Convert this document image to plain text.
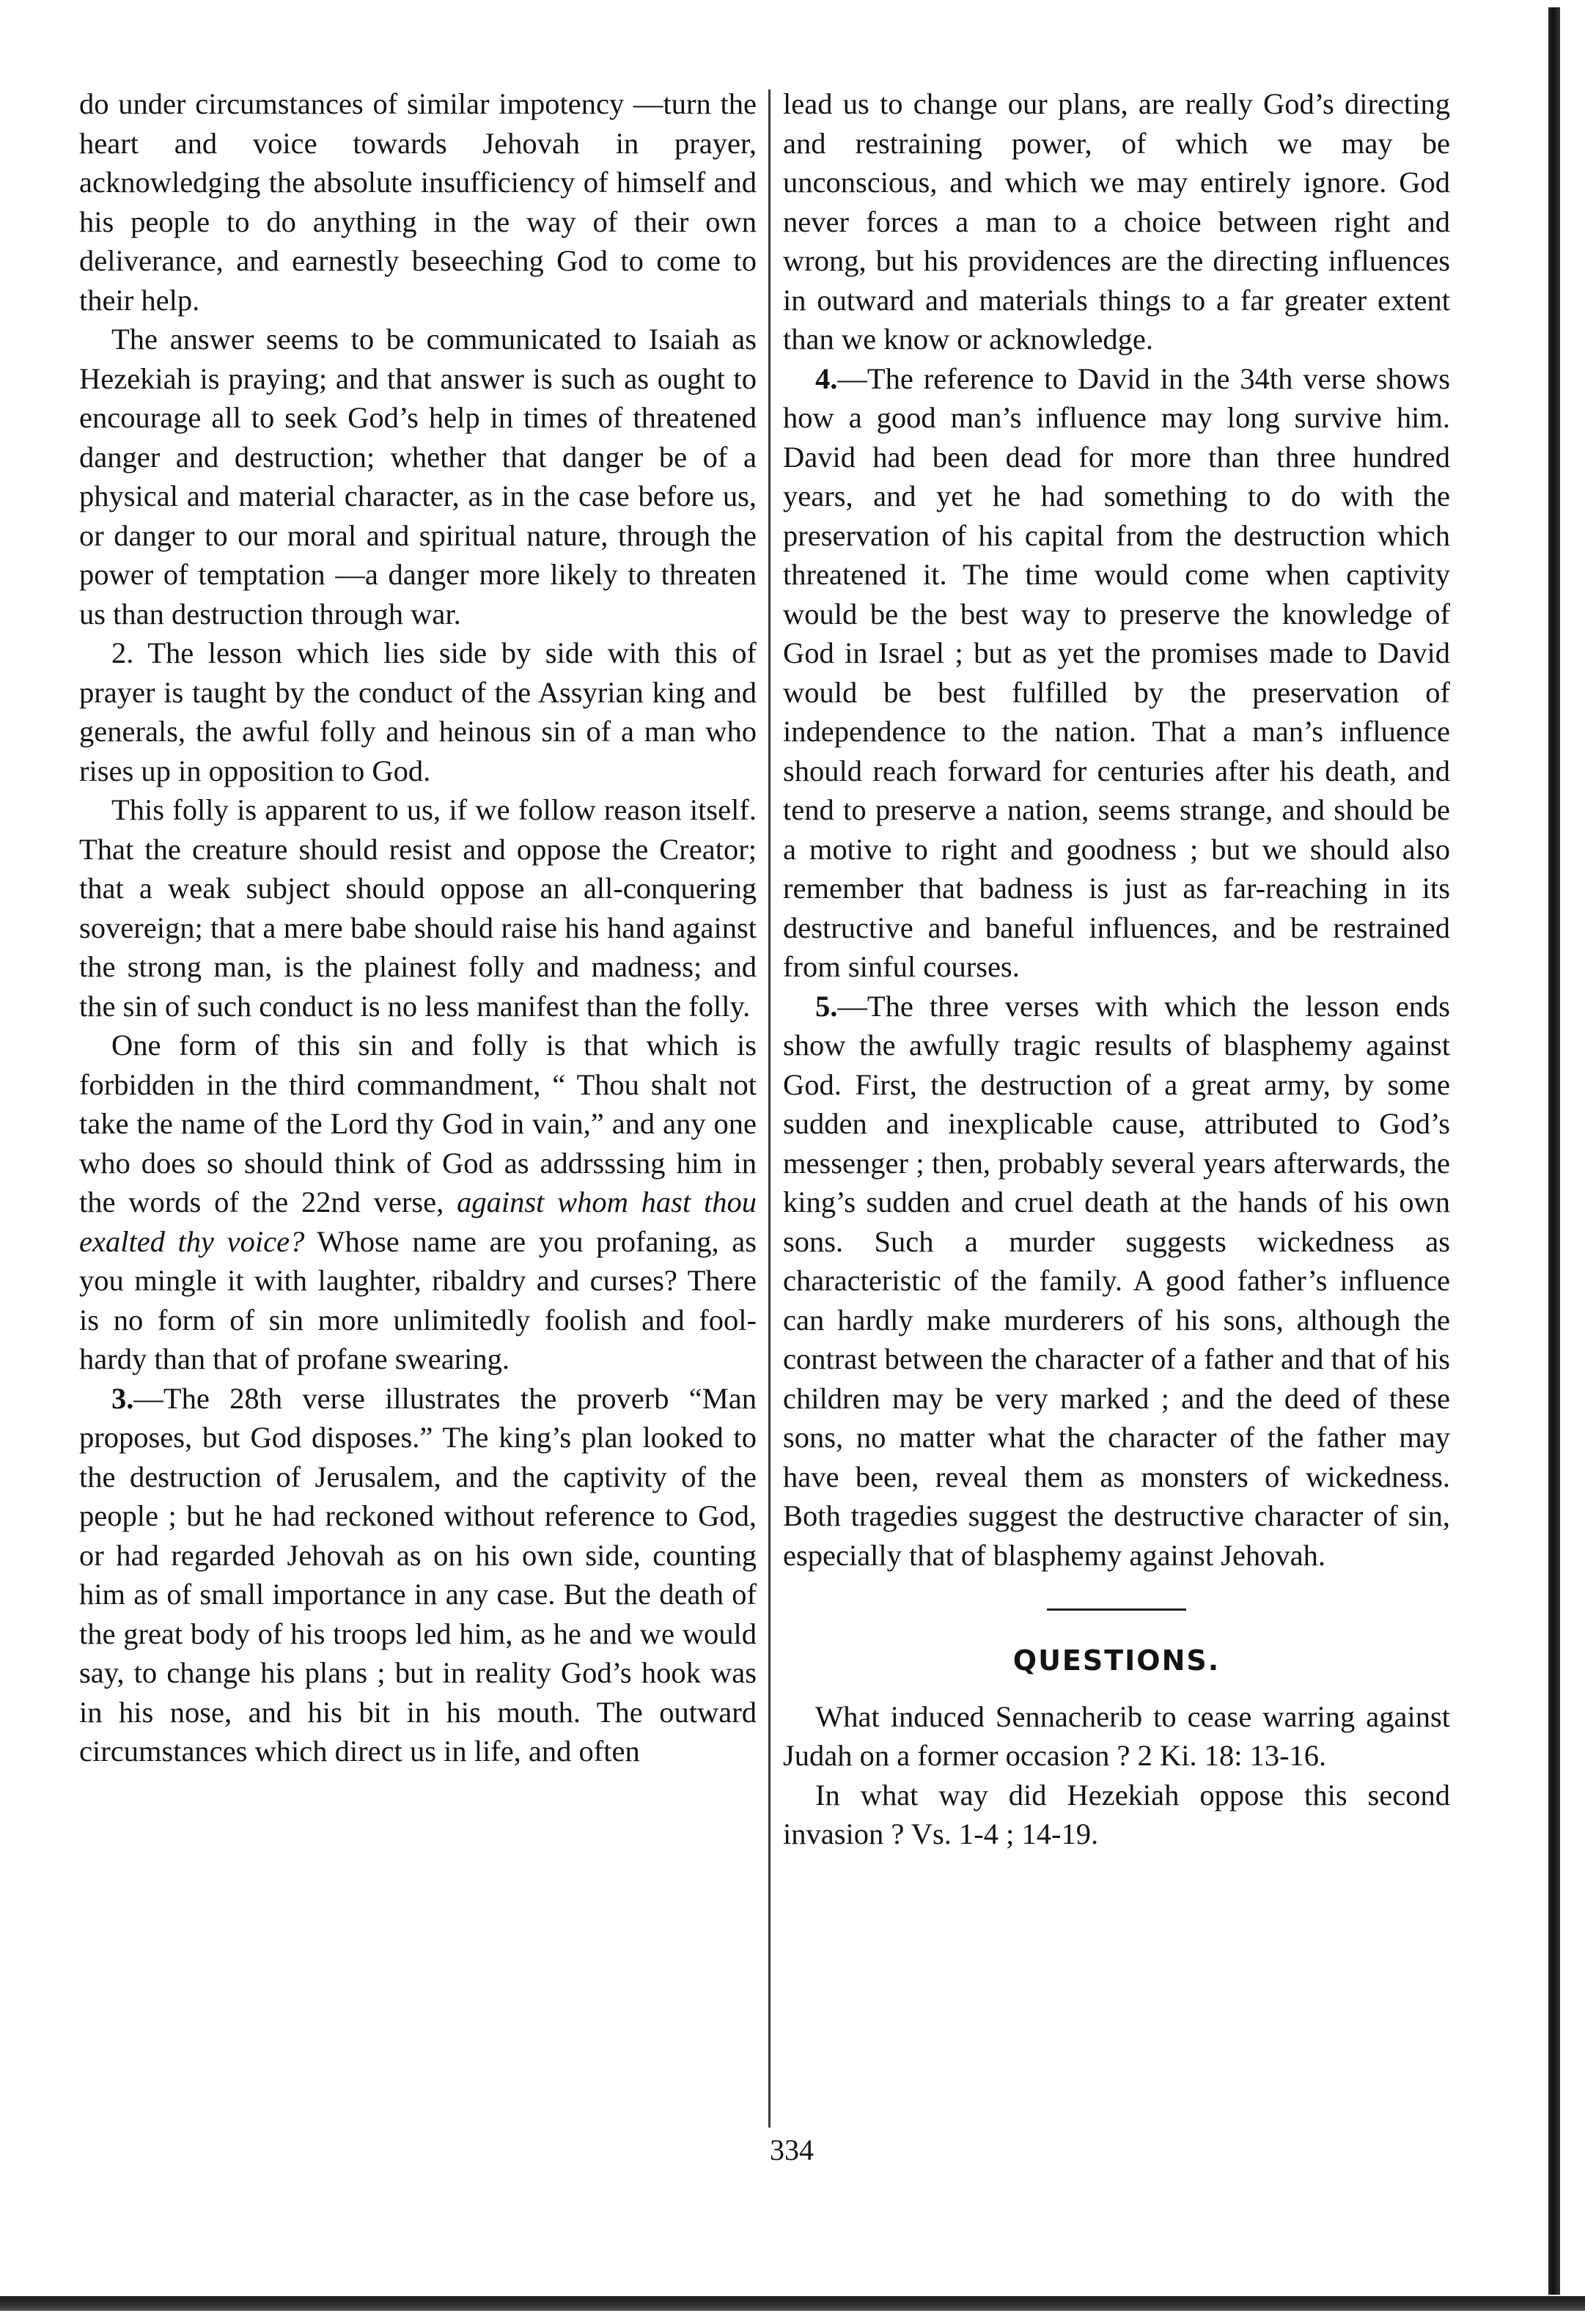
do under circumstances of similar impotency —turn the heart and voice towards Jehovah in prayer, acknowledging the absolute insufficiency of himself and his people to do anything in the way of their own deliverance, and earnestly beseeching God to come to their help.

The answer seems to be communicated to Isaiah as Hezekiah is praying; and that answer is such as ought to encourage all to seek God’s help in times of threatened danger and destruction; whether that danger be of a physical and material character, as in the case before us, or danger to our moral and spiritual nature, through the power of temptation —a danger more likely to threaten us than destruction through war.

2. The lesson which lies side by side with this of prayer is taught by the conduct of the Assyrian king and generals, the awful folly and heinous sin of a man who rises up in opposition to God.

This folly is apparent to us, if we follow reason itself. That the creature should resist and oppose the Creator; that a weak subject should oppose an all-conquering sovereign; that a mere babe should raise his hand against the strong man, is the plainest folly and madness; and the sin of such conduct is no less manifest than the folly.

One form of this sin and folly is that which is forbidden in the third commandment, “ Thou shalt not take the name of the Lord thy God in vain,” and any one who does so should think of God as addrsssing him in the words of the 22nd verse, against whom hast thou exalted thy voice? Whose name are you profaning, as you mingle it with laughter, ribaldry and curses? There is no form of sin more unlimitedly foolish and fool-hardy than that of profane swearing.

3.—The 28th verse illustrates the proverb “Man proposes, but God disposes.” The king’s plan looked to the destruction of Jerusalem, and the captivity of the people ; but he had reckoned without reference to God, or had regarded Jehovah as on his own side, counting him as of small importance in any case. But the death of the great body of his troops led him, as he and we would say, to change his plans ; but in reality God’s hook was in his nose, and his bit in his mouth. The outward circumstances which direct us in life, and often

lead us to change our plans, are really God’s directing and restraining power, of which we may be unconscious, and which we may entirely ignore. God never forces a man to a choice between right and wrong, but his providences are the directing influences in outward and materials things to a far greater extent than we know or acknowledge.

4.—The reference to David in the 34th verse shows how a good man’s influence may long survive him. David had been dead for more than three hundred years, and yet he had something to do with the preservation of his capital from the destruction which threatened it. The time would come when captivity would be the best way to preserve the knowledge of God in Israel ; but as yet the promises made to David would be best fulfilled by the preservation of independence to the nation. That a man’s influence should reach forward for centuries after his death, and tend to preserve a nation, seems strange, and should be a motive to right and goodness ; but we should also remember that badness is just as far-reaching in its destructive and baneful influences, and be restrained from sinful courses.

5.—The three verses with which the lesson ends show the awfully tragic results of blasphemy against God. First, the destruction of a great army, by some sudden and inexplicable cause, attributed to God’s messenger ; then, probably several years afterwards, the king’s sudden and cruel death at the hands of his own sons. Such a murder suggests wickedness as characteristic of the family. A good father’s influence can hardly make murderers of his sons, although the contrast between the character of a father and that of his children may be very marked ; and the deed of these sons, no matter what the character of the father may have been, reveal them as monsters of wickedness. Both tragedies suggest the destructive character of sin, especially that of blasphemy against Jehovah.

QUESTIONS.

What induced Sennacherib to cease warring against Judah on a former occasion ? 2 Ki. 18: 13-16.

In what way did Hezekiah oppose this second invasion ? Vs. 1-4 ; 14-19.

334
